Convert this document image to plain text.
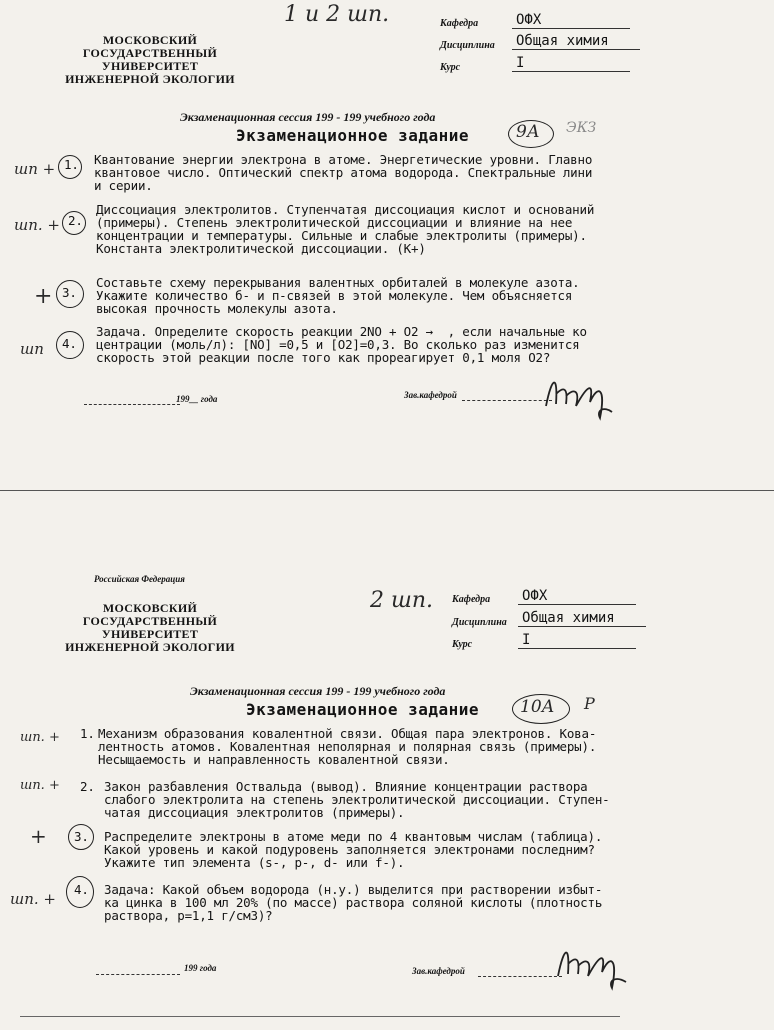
1 и 2 шп.
МОСКОВСКИЙ
ГОСУДАРСТВЕННЫЙ
УНИВЕРСИТЕТ
ИНЖЕНЕРНОЙ ЭКОЛОГИИ
Кафедра	ОФХ
Дисциплина Общая химия
Курс	I
Экзаменационная сессия 199 - 199 учебного года
Экзаменационное задание	9А ЭКЗ
шп + 1. Квантование энергии электрона в атоме. Энергетические уровни. Главно
квантовое число. Оптический спектр атома водорода. Спектральные лини
и серии.
шп. + 2.
Диссоциация электролитов. Ступенчатая диссоциация кислот и оснований
(примеры). Степень электролитической диссоциации и влияние на нее
концентрации и температуры. Сильные и слабые электролиты (примеры).
Константа электролитической диссоциации. (К+)
+ 3.
Составьте схему перекрывания валентных орбиталей в молекуле азота.
Укажите количество б- и п-связей в этой молекуле. Чем объясняется
высокая прочность молекулы азота.
шп 4.
Задача. Определите скорость реакции 2NO + O2 →  , если начальные ко
центрации (моль/л): [NO] =0,5 и [O2]=0,3. Во сколько раз изменится
скорость этой реакции после того как прореагирует 0,1 моля O2?
199__ года	Зав.кафедрой
Российская Федерация
МОСКОВСКИЙ
ГОСУДАРСТВЕННЫЙ
УНИВЕРСИТЕТ
ИНЖЕНЕРНОЙ ЭКОЛОГИИ
2 шп. Кафедра ОФХ
Дисциплина Общая химия
Курс	I
Экзаменационная сессия 199 - 199 учебного года
Экзаменационное задание 10А Р
шп. + 1. Механизм образования ковалентной связи. Общая пара электронов. Кова-
лентность атомов. Ковалентная неполярная и полярная связь (примеры).
Несыщаемость и направленность ковалентной связи.
шп. + 2. Закон разбавления Оствальда (вывод). Влияние концентрации раствора
слабого электролита на степень электролитической диссоциации. Ступен-
чатая диссоциация электролитов (примеры).
+ 3. Распределите электроны в атоме меди по 4 квантовым числам (таблица).
Какой уровень и какой подуровень заполняется электронами последним?
Укажите тип элемента (s-, p-, d- или f-).
шп. +
4. Задача: Какой объем водорода (н.у.) выделится при растворении избыт-
ка цинка в 100 мл 20% (по массе) раствора соляной кислоты (плотность
раствора, р=1,1 г/см3)?
199 года	Зав.кафедрой
